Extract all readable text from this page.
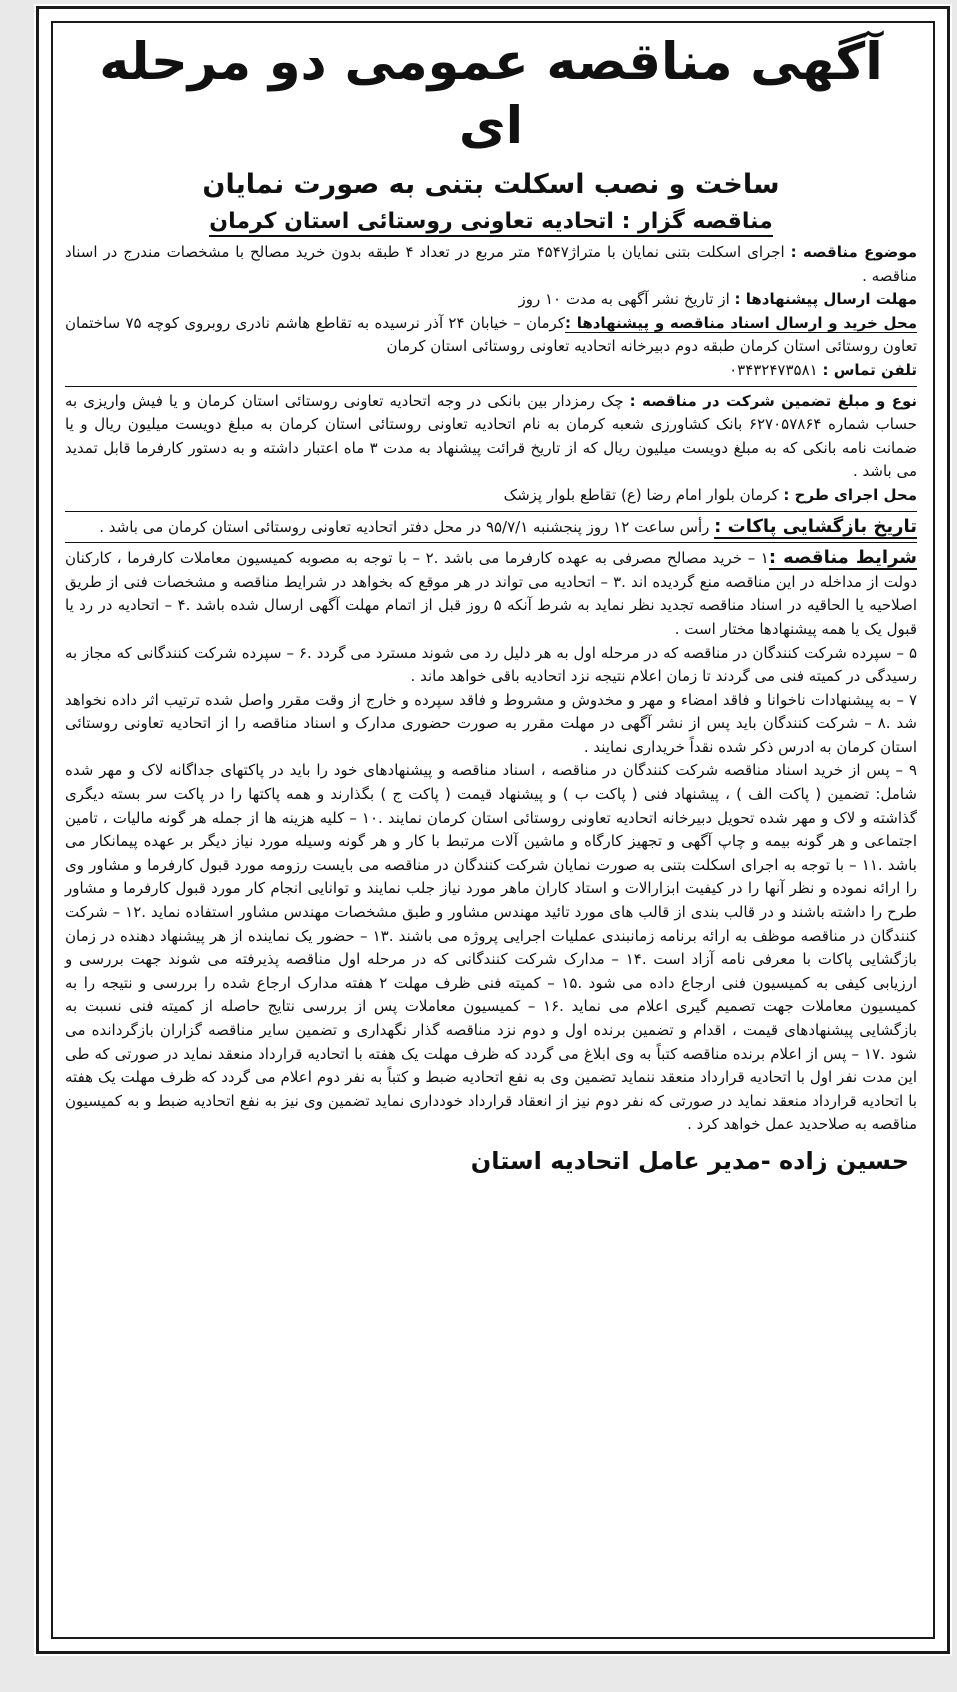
آگهی مناقصه عمومی دو مرحله ای
ساخت و نصب اسکلت بتنی به صورت نمایان
مناقصه گزار : اتحادیه تعاونی روستائی استان کرمان

موضوع مناقصه : اجرای اسکلت بتنی نمایان با متراژ۴۵۴۷ متر مربع در تعداد ۴ طبقه بدون خرید مصالح با مشخصات مندرج در اسناد مناقصه .

مهلت ارسال پیشنهادها : از تاریخ نشر آگهی به مدت ۱۰ روز

محل خرید و ارسال اسناد مناقصه و پیشنهادها :کرمان – خیابان ۲۴ آذر نرسیده به تقاطع هاشم نادری روبروی کوچه ۷۵ ساختمان تعاون روستائی استان کرمان طبقه دوم دبیرخانه اتحادیه تعاونی روستائی استان کرمان

تلفن تماس : ۰۳۴۳۲۴۷۳۵۸۱

نوع و مبلغ تضمین شرکت در مناقصه : چک رمزدار بین بانکی در وجه اتحادیه تعاونی روستائی استان کرمان و یا فیش واریزی به حساب شماره ۶۲۷۰۵۷۸۶۴ بانک کشاورزی شعبه کرمان به نام اتحادیه تعاونی روستائی استان کرمان به مبلغ دویست میلیون ریال و یا ضمانت نامه بانکی که به مبلغ دویست میلیون ریال که از تاریخ قرائت پیشنهاد به مدت ۳ ماه اعتبار داشته و به دستور کارفرما قابل تمدید می باشد .

محل اجرای طرح : کرمان بلوار امام رضا (ع) تقاطع بلوار پزشک

تاریخ بازگشایی پاکات : رأس ساعت ۱۲ روز پنجشنبه ۹۵/۷/۱ در محل دفتر اتحادیه تعاونی روستائی استان کرمان می باشد .

شرایط مناقصه :۱ – خرید مصالح مصرفی به عهده کارفرما می باشد .۲ – با توجه به مصوبه کمیسیون معاملات کارفرما ، کارکنان دولت از مداخله در این مناقصه منع گردیده اند .۳ – اتحادیه می تواند در هر موقع که بخواهد در شرایط مناقصه و مشخصات فنی از طریق اصلاحیه یا الحاقیه در اسناد مناقصه تجدید نظر نماید به شرط آنکه ۵ روز قبل از اتمام مهلت آگهی ارسال شده باشد .۴ – اتحادیه در رد یا قبول یک یا همه پیشنهادها مختار است .

۵ – سپرده شرکت کنندگان در مناقصه که در مرحله اول به هر دلیل رد می شوند مسترد می گردد .۶ – سپرده شرکت کنندگانی که مجاز به رسیدگی در کمیته فنی می گردند تا زمان اعلام نتیجه نزد اتحادیه باقی خواهد ماند .

۷ – به پیشنهادات ناخوانا و فاقد امضاء و مهر و مخدوش و مشروط و فاقد سپرده و خارج از وقت مقرر واصل شده ترتیب اثر داده نخواهد شد .۸ – شرکت کنندگان باید پس از نشر آگهی در مهلت مقرر به صورت حضوری مدارک و اسناد مناقصه را از اتحادیه تعاونی روستائی استان کرمان به ادرس ذکر شده نقداً خریداری نمایند .

۹ – پس از خرید اسناد مناقصه شرکت کنندگان در مناقصه ، اسناد مناقصه و پیشنهادهای خود را باید در پاکتهای جداگانه لاک و مهر شده شامل: تضمین ( پاکت الف ) ، پیشنهاد فنی ( پاکت ب ) و پیشنهاد قیمت ( پاکت ج ) بگذارند و همه پاکتها را در پاکت سر بسته دیگری گذاشته و لاک و مهر شده تحویل دبیرخانه اتحادیه تعاونی روستائی استان کرمان نمایند .۱۰ – کلیه هزینه ها از جمله هر گونه مالیات ، تامین اجتماعی و هر گونه بیمه و چاپ آگهی و تجهیز کارگاه و ماشین آلات مرتبط با کار و هر گونه وسیله مورد نیاز دیگر بر عهده پیمانکار می باشد .۱۱ – با توجه به اجرای اسکلت بتنی به صورت نمایان شرکت کنندگان در مناقصه می بایست رزومه مورد قبول کارفرما و مشاور وی را ارائه نموده و نظر آنها را در کیفیت ابزارالات و استاد کاران ماهر مورد نیاز جلب نمایند و توانایی انجام کار مورد قبول کارفرما و مشاور طرح را داشته باشند و در قالب بندی از قالب های مورد تائید مهندس مشاور و طبق مشخصات مهندس مشاور استفاده نماید .۱۲ – شرکت کنندگان در مناقصه موظف به ارائه برنامه زمانبندی عملیات اجرایی پروژه می باشند .۱۳ – حضور یک نماینده از هر پیشنهاد دهنده در زمان بازگشایی پاکات با معرفی نامه آزاد است .۱۴ – مدارک شرکت کنندگانی که در مرحله اول مناقصه پذیرفته می شوند جهت بررسی و ارزیابی کیفی به کمیسیون فنی ارجاع داده می شود .۱۵ – کمیته فنی ظرف مهلت ۲ هفته مدارک ارجاع شده را بررسی و نتیجه را به کمیسیون معاملات جهت تصمیم گیری اعلام می نماید .۱۶ – کمیسیون معاملات پس از بررسی نتایج حاصله از کمیته فنی نسبت به بازگشایی پیشنهادهای قیمت ، اقدام و تضمین برنده اول و دوم نزد مناقصه گذار نگهداری و تضمین سایر مناقصه گزاران بازگردانده می شود .۱۷ – پس از اعلام برنده مناقصه کتباً به وی ابلاغ می گردد که ظرف مهلت یک هفته با اتحادیه قرارداد منعقد نماید در صورتی که طی این مدت نفر اول با اتحادیه قرارداد منعقد ننماید تضمین وی به نفع اتحادیه ضبط و کتباً به نفر دوم اعلام می گردد که ظرف مهلت یک هفته با اتحادیه قرارداد منعقد نماید در صورتی که نفر دوم نیز از انعقاد قرارداد خودداری نماید تضمین وی نیز به نفع اتحادیه ضبط و به کمیسیون مناقصه به صلاحدید عمل خواهد کرد .

حسین زاده -مدیر عامل اتحادیه استان
